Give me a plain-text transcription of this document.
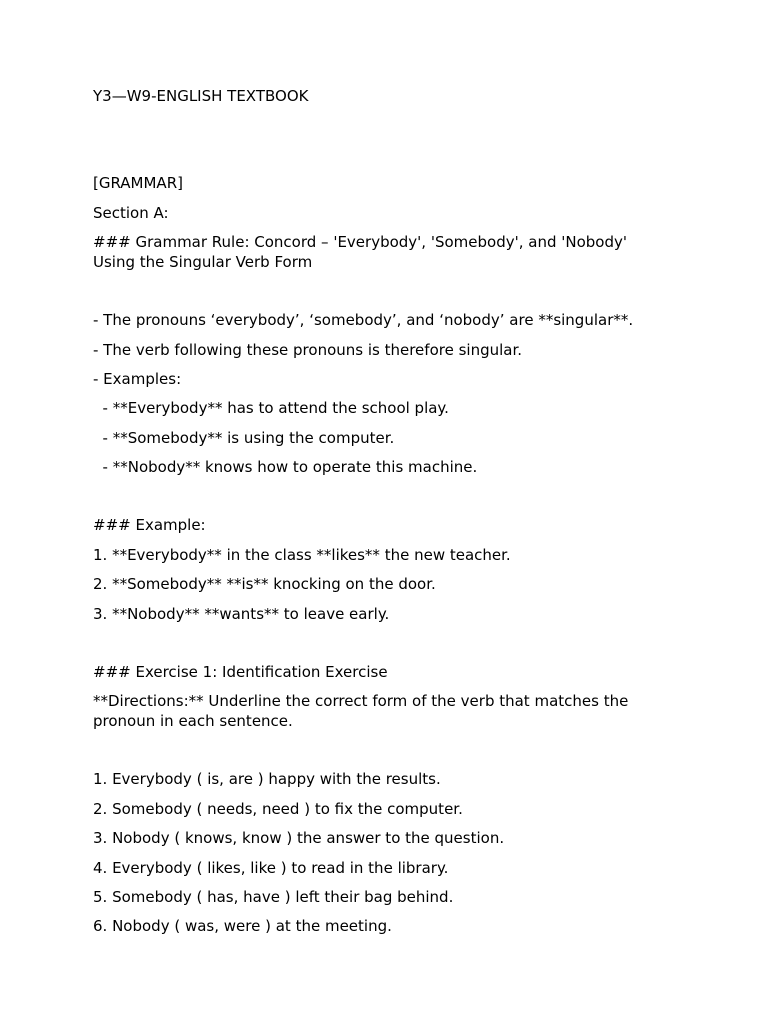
Y3—W9-ENGLISH TEXTBOOK

[GRAMMAR]

Section A:

### Grammar Rule: Concord – 'Everybody', 'Somebody', and 'Nobody' Using the Singular Verb Form

- The pronouns ‘everybody’, ‘somebody’, and ‘nobody’ are **singular**.

- The verb following these pronouns is therefore singular.

- Examples:

- **Everybody** has to attend the school play.

- **Somebody** is using the computer.

- **Nobody** knows how to operate this machine.

### Example:

1. **Everybody** in the class **likes** the new teacher.

2. **Somebody** **is** knocking on the door.

3. **Nobody** **wants** to leave early.

### Exercise 1: Identification Exercise

**Directions:** Underline the correct form of the verb that matches the pronoun in each sentence.

1. Everybody ( is, are ) happy with the results.

2. Somebody ( needs, need ) to fix the computer.

3. Nobody ( knows, know ) the answer to the question.

4. Everybody ( likes, like ) to read in the library.

5. Somebody ( has, have ) left their bag behind.

6. Nobody ( was, were ) at the meeting.
